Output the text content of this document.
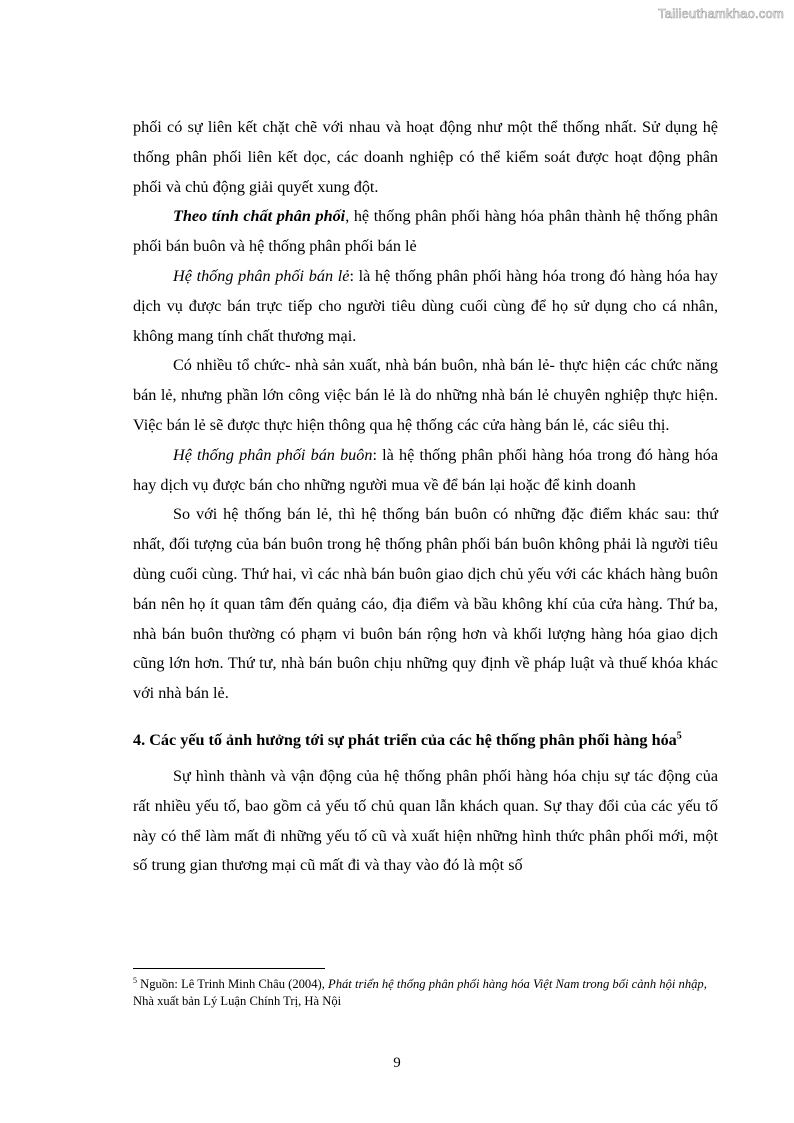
Tailieuthamkhao.com

phối có sự liên kết chặt chẽ với nhau và hoạt động như một thể thống nhất. Sử dụng hệ thống phân phối liên kết dọc, các doanh nghiệp có thể kiểm soát được hoạt động phân phối và chủ động giải quyết xung đột.

Theo tính chất phân phối, hệ thống phân phối hàng hóa phân thành hệ thống phân phối bán buôn và hệ thống phân phối bán lẻ

Hệ thống phân phối bán lẻ: là hệ thống phân phối hàng hóa trong đó hàng hóa hay dịch vụ được bán trực tiếp cho người tiêu dùng cuối cùng để họ sử dụng cho cá nhân, không mang tính chất thương mại.

Có nhiều tổ chức- nhà sản xuất, nhà bán buôn, nhà bán lẻ- thực hiện các chức năng bán lẻ, nhưng phần lớn công việc bán lẻ là do những nhà bán lẻ chuyên nghiệp thực hiện. Việc bán lẻ sẽ được thực hiện thông qua hệ thống các cửa hàng bán lẻ, các siêu thị.

Hệ thống phân phối bán buôn: là hệ thống phân phối hàng hóa trong đó hàng hóa hay dịch vụ được bán cho những người mua về để bán lại hoặc để kinh doanh

So với hệ thống bán lẻ, thì hệ thống bán buôn có những đặc điểm khác sau: thứ nhất, đối tượng của bán buôn trong hệ thống phân phối bán buôn không phải là người tiêu dùng cuối cùng. Thứ hai, vì các nhà bán buôn giao dịch chủ yếu với các khách hàng buôn bán nên họ ít quan tâm đến quảng cáo, địa điểm và bầu không khí của cửa hàng. Thứ ba, nhà bán buôn thường có phạm vi buôn bán rộng hơn và khối lượng hàng hóa giao dịch cũng lớn hơn. Thứ tư, nhà bán buôn chịu những quy định về pháp luật và thuế khóa khác với nhà bán lẻ.

4. Các yếu tố ảnh hưởng tới sự phát triển của các hệ thống phân phối hàng hóa$^5$

Sự hình thành và vận động của hệ thống phân phối hàng hóa chịu sự tác động của rất nhiều yếu tố, bao gồm cả yếu tố chủ quan lẫn khách quan. Sự thay đổi của các yếu tố này có thể làm mất đi những yếu tố cũ và xuất hiện những hình thức phân phối mới, một số trung gian thương mại cũ mất đi và thay vào đó là một số

$^5$ Nguồn: Lê Trinh Minh Châu (2004), Phát triển hệ thống phân phối hàng hóa Việt Nam trong bối cảnh hội nhập, Nhà xuất bản Lý Luận Chính Trị, Hà Nội
9
